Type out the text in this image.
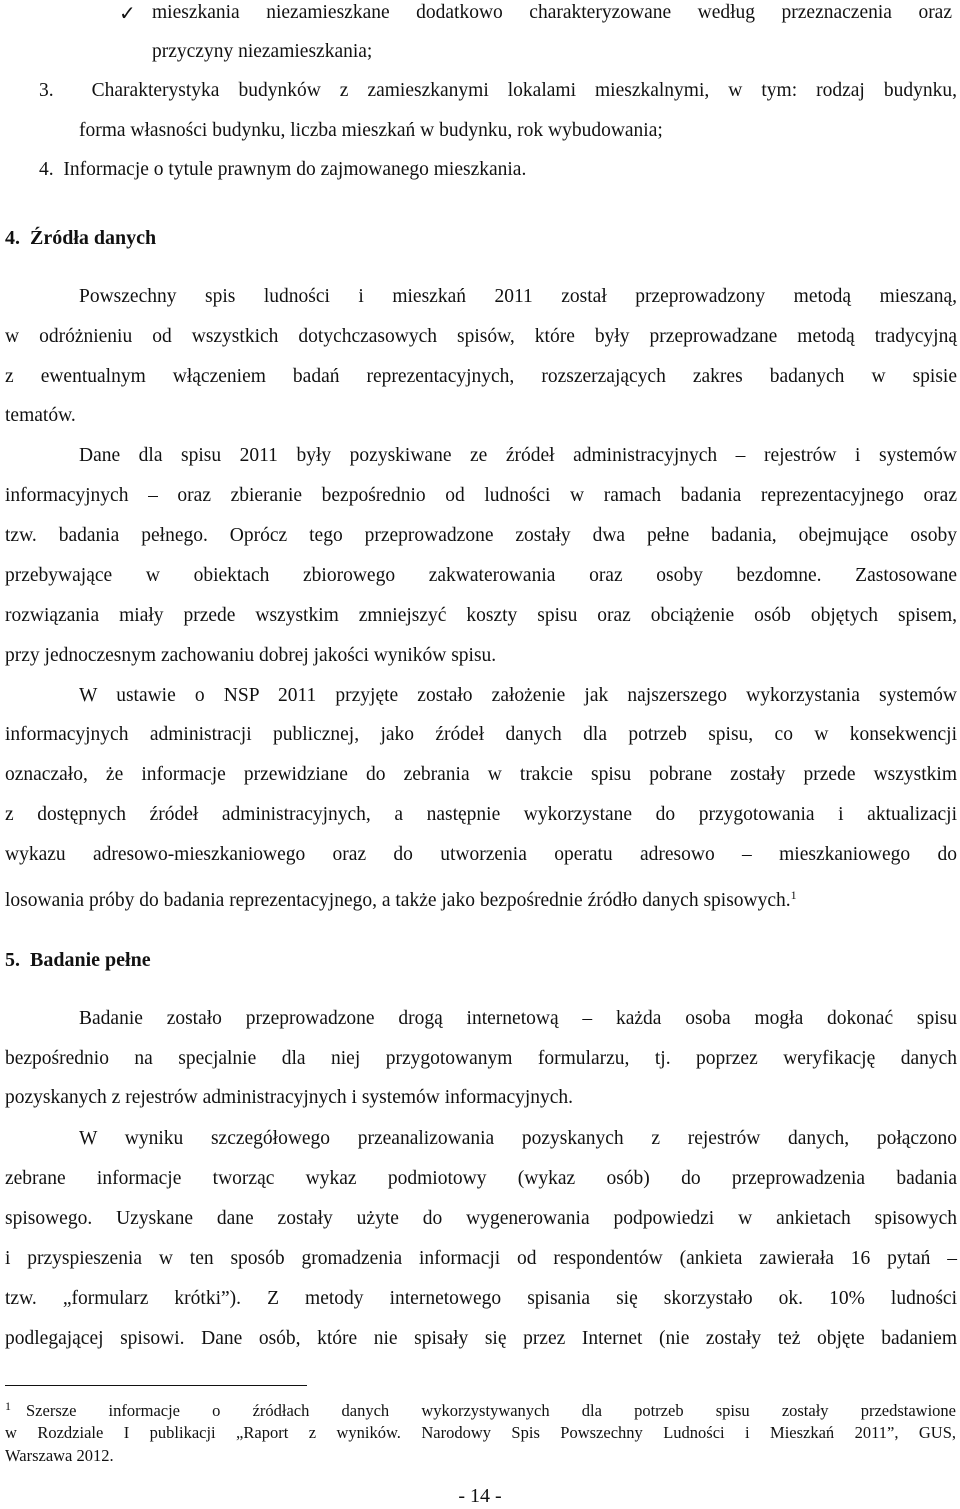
✓ mieszkania niezamieszkane dodatkowo charakteryzowane według przeznaczenia oraz
przyczyny niezamieszkania;
3.  Charakterystyka budynków z zamieszkanymi lokalami mieszkalnymi, w tym: rodzaj budynku,
forma własności budynku, liczba mieszkań w budynku, rok wybudowania;
4.  Informacje o tytule prawnym do zajmowanego mieszkania.
4.  Źródła danych
Powszechny spis ludności i mieszkań 2011 został przeprowadzony metodą mieszaną,
w odróżnieniu od wszystkich dotychczasowych spisów, które były przeprowadzane metodą tradycyjną
z ewentualnym włączeniem badań reprezentacyjnych, rozszerzających zakres badanych w spisie
tematów.
Dane dla spisu 2011 były pozyskiwane ze źródeł administracyjnych – rejestrów i systemów
informacyjnych – oraz zbieranie bezpośrednio od ludności w ramach badania reprezentacyjnego oraz
tzw. badania pełnego. Oprócz tego przeprowadzone zostały dwa pełne badania, obejmujące osoby
przebywające w obiektach zbiorowego zakwaterowania oraz osoby bezdomne. Zastosowane
rozwiązania miały przede wszystkim zmniejszyć koszty spisu oraz obciążenie osób objętych spisem,
przy jednoczesnym zachowaniu dobrej jakości wyników spisu.
W ustawie o NSP 2011 przyjęte zostało założenie jak najszerszego wykorzystania systemów
informacyjnych administracji publicznej, jako źródeł danych dla potrzeb spisu, co w konsekwencji
oznaczało, że informacje przewidziane do zebrania w trakcie spisu pobrane zostały przede wszystkim
z dostępnych źródeł administracyjnych, a następnie wykorzystane do przygotowania i aktualizacji
wykazu adresowo-mieszkaniowego oraz do utworzenia operatu adresowo – mieszkaniowego do
losowania próby do badania reprezentacyjnego, a także jako bezpośrednie źródło danych spisowych.$^1$
5.  Badanie pełne
Badanie zostało przeprowadzone drogą internetową – każda osoba mogła dokonać spisu
bezpośrednio na specjalnie dla niej przygotowanym formularzu, tj. poprzez weryfikację danych
pozyskanych z rejestrów administracyjnych i systemów informacyjnych.
W wyniku szczegółowego przeanalizowania pozyskanych z rejestrów danych, połączono
zebrane informacje tworząc wykaz podmiotowy (wykaz osób) do przeprowadzenia badania
spisowego. Uzyskane dane zostały użyte do wygenerowania podpowiedzi w ankietach spisowych
i przyspieszenia w ten sposób gromadzenia informacji od respondentów (ankieta zawierała 16 pytań –
tzw. „formularz krótki”). Z metody internetowego spisania się skorzystało ok. 10% ludności
podlegającej spisowi. Dane osób, które nie spisały się przez Internet (nie zostały też objęte badaniem
$^1$ Szersze informacje o źródłach danych wykorzystywanych dla potrzeb spisu zostały przedstawione
w Rozdziale I publikacji „Raport z wyników. Narodowy Spis Powszechny Ludności i Mieszkań 2011”, GUS,
Warszawa 2012.
- 14 -
